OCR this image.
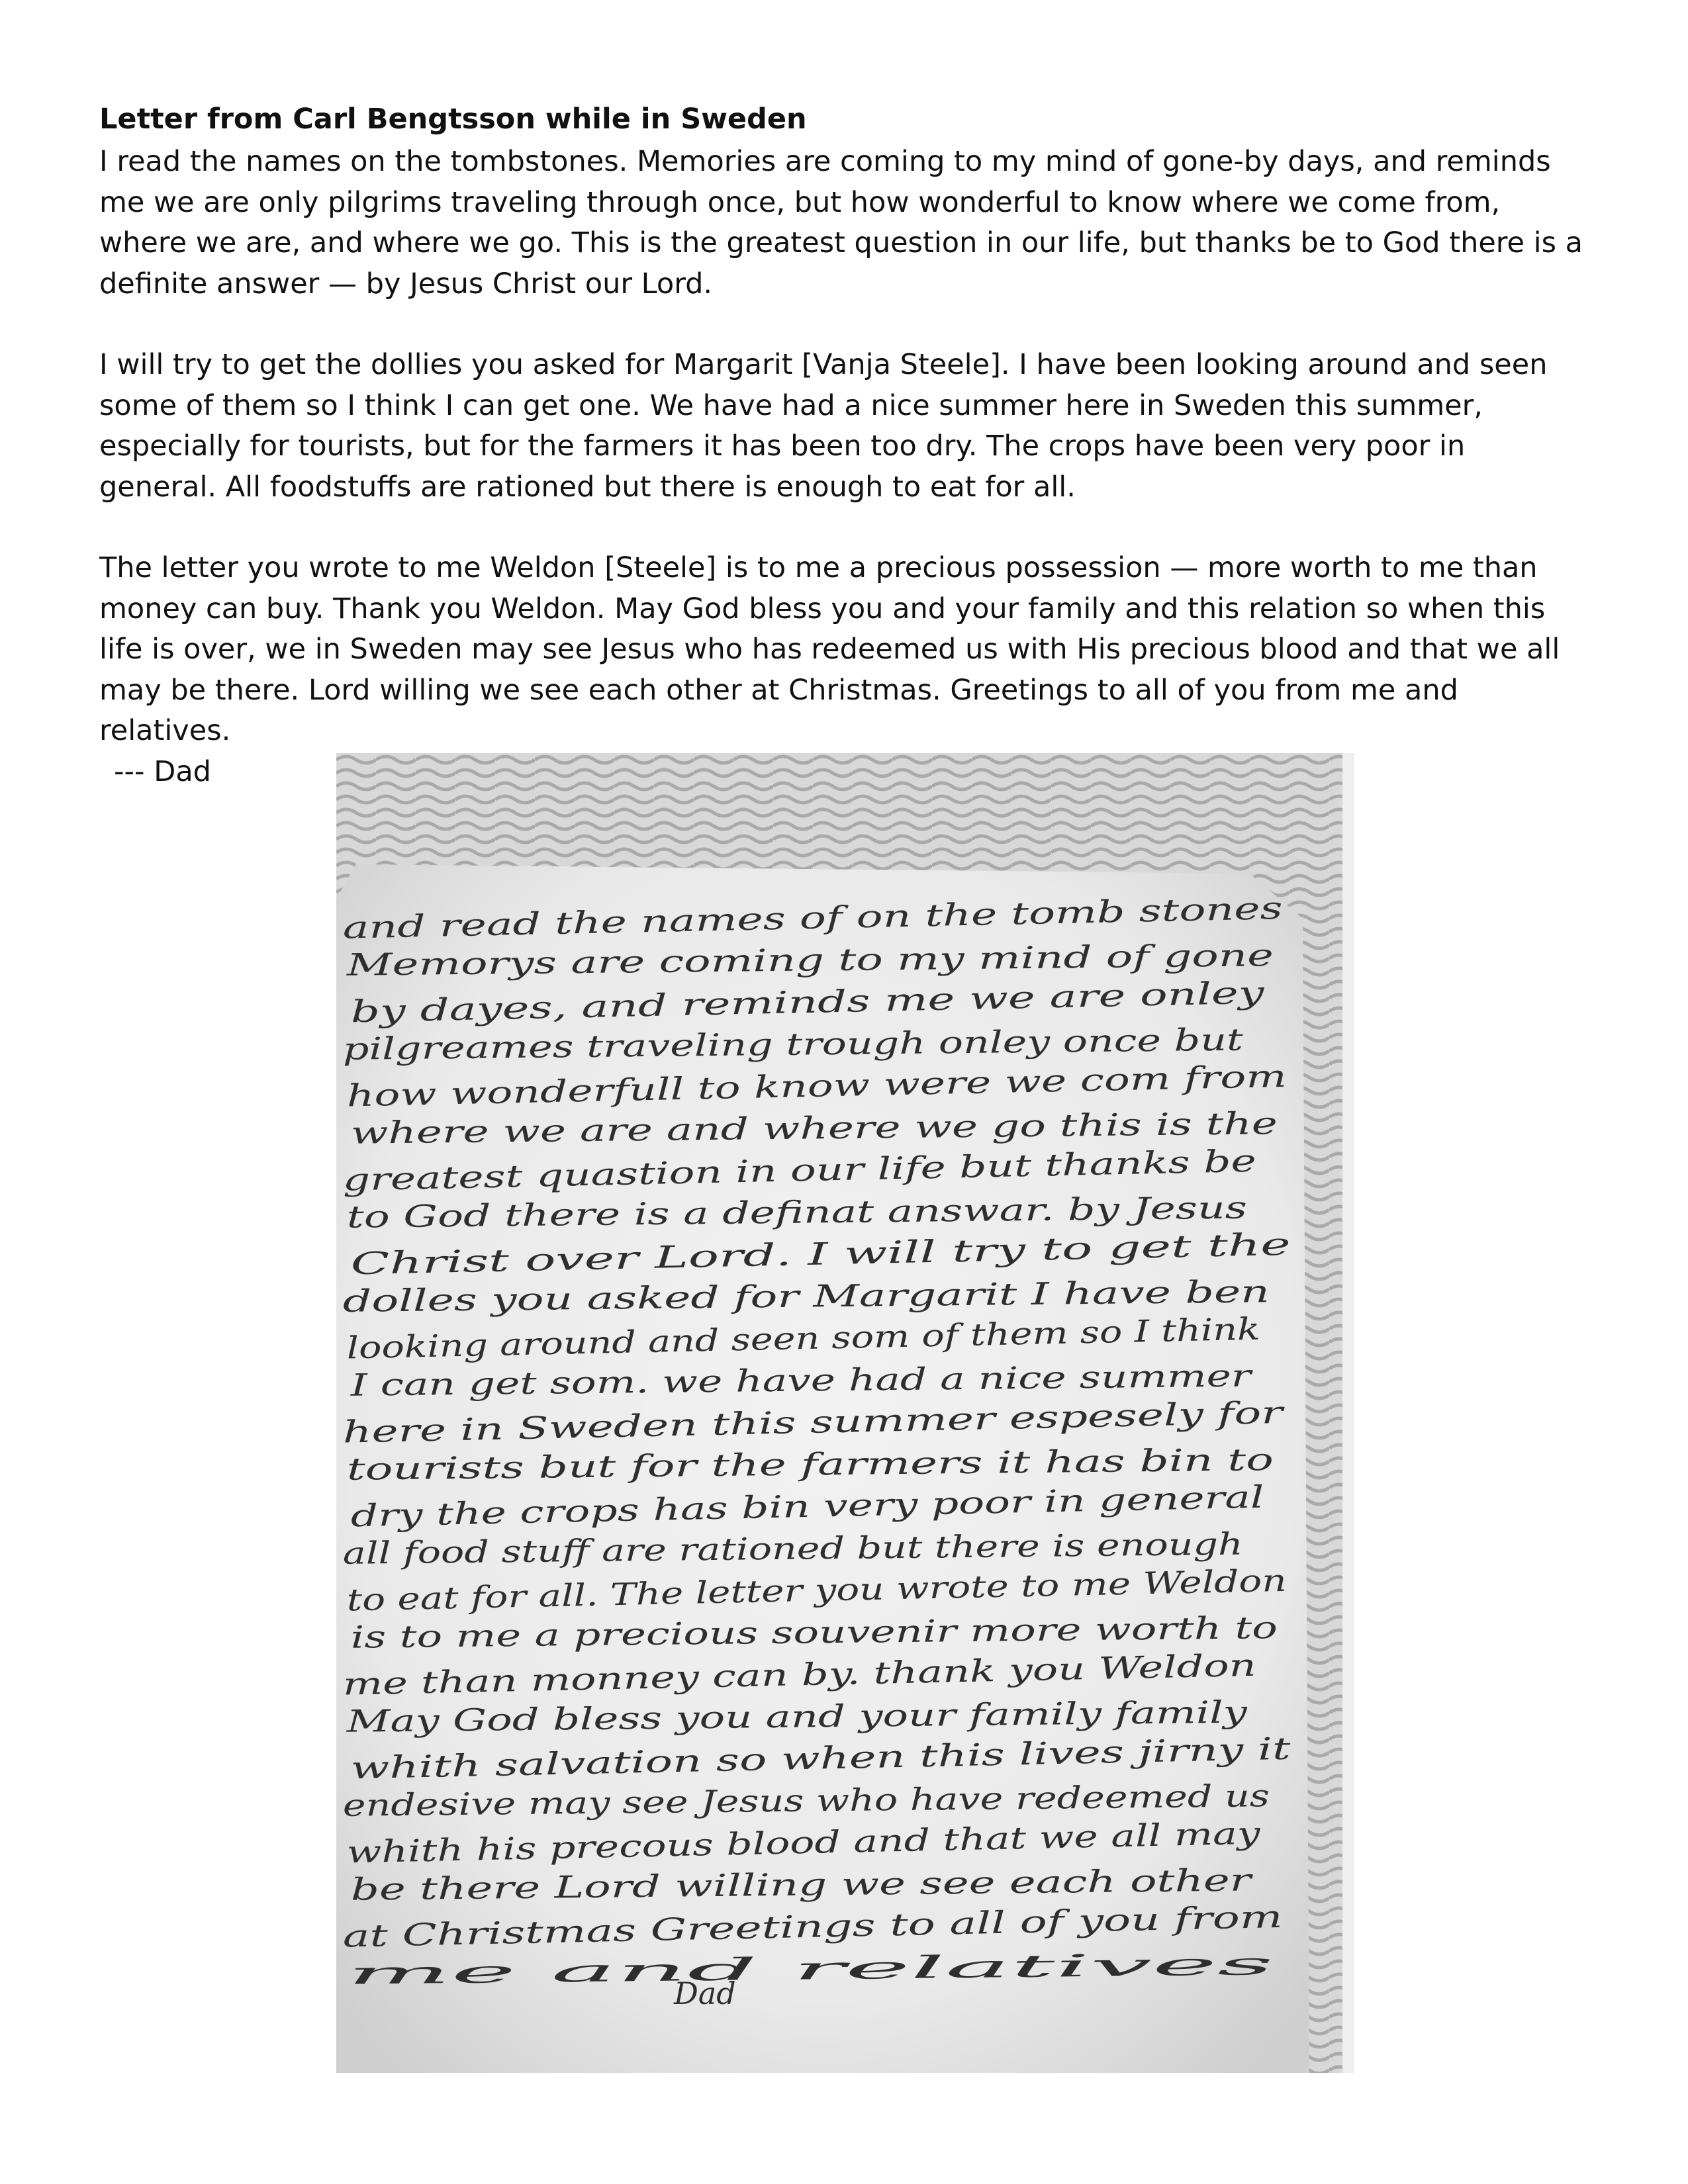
Letter from Carl Bengtsson while in Sweden

I read the names on the tombstones. Memories are coming to my mind of gone-by days, and reminds me we are only pilgrims traveling through once, but how wonderful to know where we come from, where we are, and where we go. This is the greatest question in our life, but thanks be to God there is a definite answer — by Jesus Christ our Lord.

I will try to get the dollies you asked for Margarit [Vanja Steele]. I have been looking around and seen some of them so I think I can get one. We have had a nice summer here in Sweden this summer, especially for tourists, but for the farmers it has been too dry. The crops have been very poor in general. All foodstuffs are rationed but there is enough to eat for all.

The letter you wrote to me Weldon [Steele] is to me a precious possession — more worth to me than money can buy. Thank you Weldon. May God bless you and your family and this relation so when this life is over, we in Sweden may see Jesus who has redeemed us with His precious blood and that we all may be there. Lord willing we see each other at Christmas. Greetings to all of you from me and relatives.

--- Dad
and read the names of on the tomb stones
Memorys are coming to my mind of gone
by dayes, and reminds me we are onley
pilgreames traveling trough onley once but
how wonderfull to know were we com from
where we are and where we go this is the
greatest quastion in our life but thanks be
to God there is a definat answar. by Jesus
Christ over Lord. I will try to get the
dolles you asked for Margarit I have ben
looking around and seen som of them so I think
I can get som. we have had a nice summer
here in Sweden this summer espesely for
tourists but for the farmers it has bin to
dry the crops has bin very poor in general
all food stuff are rationed but there is enough
to eat for all. The letter you wrote to me Weldon
is to me a precious souvenir more worth to
me than monney can by. thank you Weldon
May God bless you and your family family
whith salvation so when this lives jirny it
endesive may see Jesus who have redeemed us
whith his precous blood and that we all may
be there Lord willing we see each other
at Christmas Greetings to all of you from
me and relatives
Dad
